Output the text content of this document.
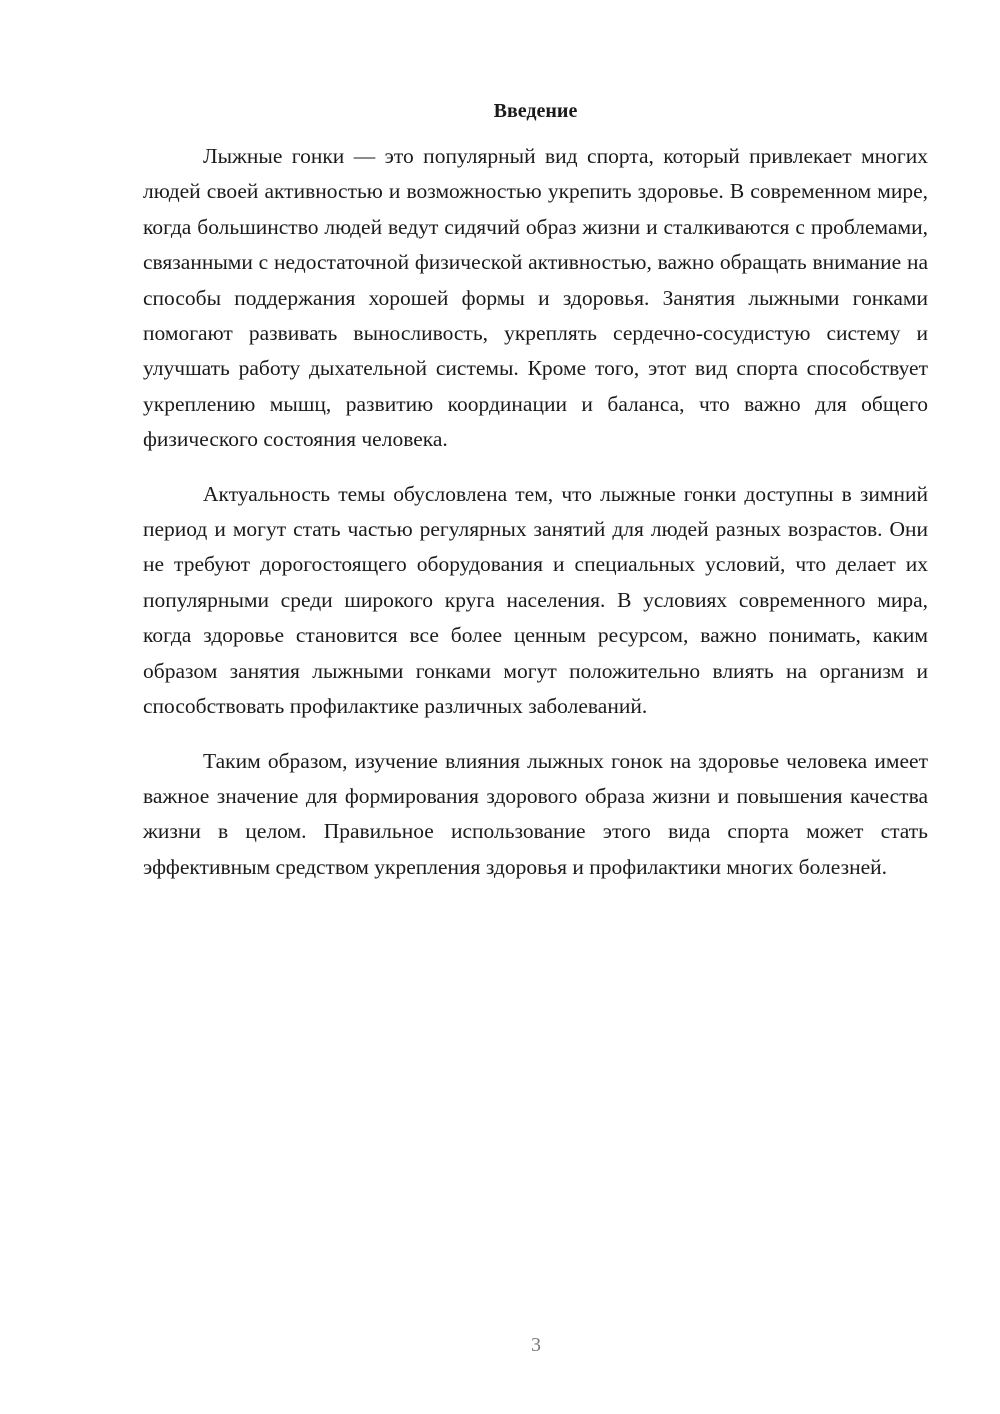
Введение

Лыжные гонки — это популярный вид спорта, который привлекает многих людей своей активностью и возможностью укрепить здоровье. В современном мире, когда большинство людей ведут сидячий образ жизни и сталкиваются с проблемами, связанными с недостаточной физической активностью, важно обращать внимание на способы поддержания хорошей формы и здоровья. Занятия лыжными гонками помогают развивать выносливость, укреплять сердечно-сосудистую систему и улучшать работу дыхательной системы. Кроме того, этот вид спорта способствует укреплению мышц, развитию координации и баланса, что важно для общего физического состояния человека.

Актуальность темы обусловлена тем, что лыжные гонки доступны в зимний период и могут стать частью регулярных занятий для людей разных возрастов. Они не требуют дорогостоящего оборудования и специальных условий, что делает их популярными среди широкого круга населения. В условиях современного мира, когда здоровье становится все более ценным ресурсом, важно понимать, каким образом занятия лыжными гонками могут положительно влиять на организм и способствовать профилактике различных заболеваний.

Таким образом, изучение влияния лыжных гонок на здоровье человека имеет важное значение для формирования здорового образа жизни и повышения качества жизни в целом. Правильное использование этого вида спорта может стать эффективным средством укрепления здоровья и профилактики многих болезней.

3
